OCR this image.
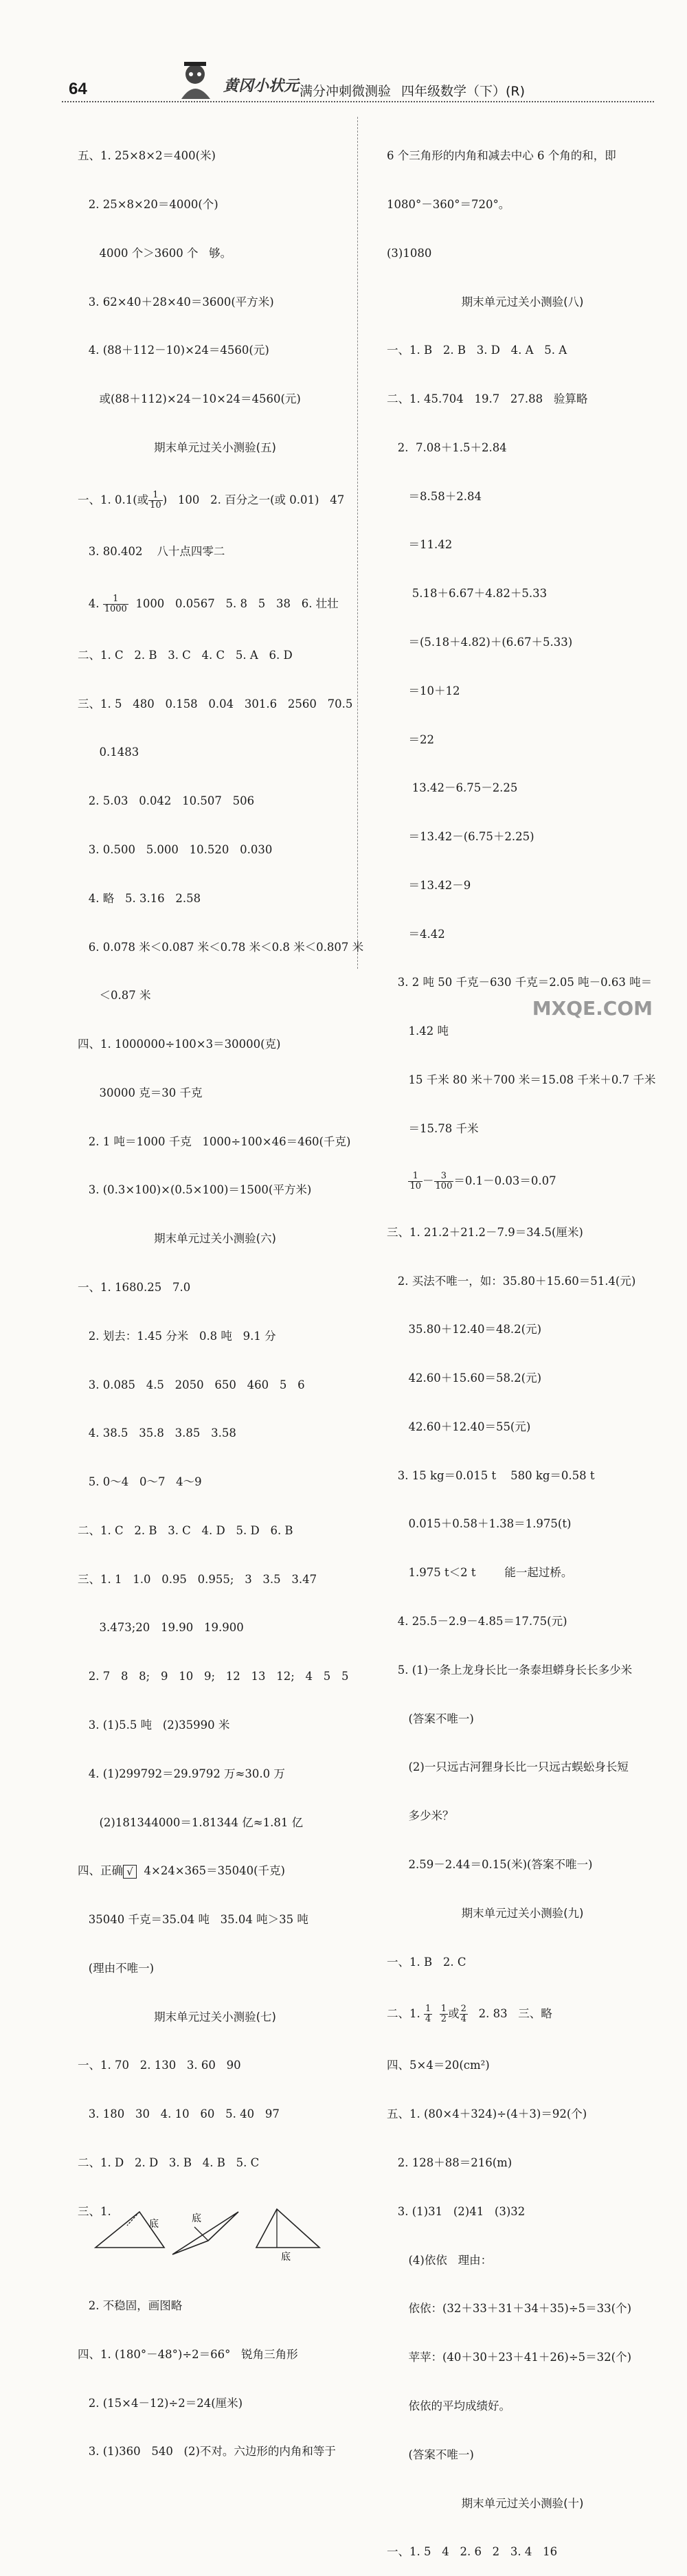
64	黄冈小状元 满分冲刺微测验 四年级数学（下）(R)

五、1. 25×8×2＝400(米)

2. 25×8×20＝4000(个)

4000 个＞3600 个   够。

3. 62×40＋28×40＝3600(平方米)

4. (88＋112－10)×24＝4560(元)

或(88＋112)×24－10×24＝4560(元)

期末单元过关小测验(五)

一、1. 0.1(或 $\frac{1}{10}$ )   100   2. 百分之一(或 0.01)   47

3. 80.402    八十点四零二

4. $\frac{1}{1000} 1000$   0.0567   5. 8   5   38   6. 壮壮

二、1. C   2. B   3. C   4. C   5. A   6. D

三、1. 5   480   0.158   0.04   301.6   2560   70.5

0.1483

2. 5.03   0.042   10.507   506

3. 0.500   5.000   10.520   0.030

4. 略   5. 3.16   2.58

6. 0.078 米＜0.087 米＜0.78 米＜0.8 米＜0.807 米

＜0.87 米

四、1. 1000000÷100×3＝30000(克)

30000 克＝30 千克

2. 1 吨＝1000 千克   1000÷100×46＝460(千克)

3. (0.3×100)×(0.5×100)＝1500(平方米)

期末单元过关小测验(六)

一、1. 1680.25   7.0

2. 划去：1.45 分米   0.8 吨   9.1 分

3. 0.085   4.5   2050   650   460   5   6

4. 38.5   35.8   3.85   3.58

5. 0～4   0～7   4～9

二、1. C   2. B   3. C   4. D   5. D   6. B

三、1. 1   1.0   0.95   0.955;   3   3.5   3.47

3.473;20   19.90   19.900

2. 7   8   8;   9   10   9;   12   13   12;   4   5   5

3. (1)5.5 吨   (2)35990 米

4. (1)299792＝29.9792 万≈30.0 万

(2)181344000＝1.81344 亿≈1.81 亿

四、正确 √  4×24×365＝35040(千克)

35040 千克＝35.04 吨   35.04 吨＞35 吨

(理由不唯一)

期末单元过关小测验(七)

一、1. 70   2. 130   3. 60   90

3. 180   30   4. 10   60   5. 40   97

二、1. D   2. D   3. B   4. B   5. C

三、1.

底	底
底

2. 不稳固，画图略

四、1. (180°－48°)÷2＝66°   锐角三角形

2. (15×4－12)÷2＝24(厘米)

3. (1)360   540   (2)不对。六边形的内角和等于

6 个三角形的内角和减去中心 6 个角的和，即

1080°－360°＝720°。

(3)1080

期末单元过关小测验(八)

一、1. B   2. B   3. D   4. A   5. A

二、1. 45.704   19.7   27.88   验算略

2.  7.08＋1.5＋2.84

＝8.58＋2.84

＝11.42

5.18＋6.67＋4.82＋5.33

＝(5.18＋4.82)＋(6.67＋5.33)

＝10＋12

＝22

13.42－6.75－2.25

＝13.42－(6.75＋2.25)

＝13.42－9

＝4.42

3. 2 吨 50 千克－630 千克＝2.05 吨－0.63 吨＝

1.42 吨

15 千米 80 米＋700 米＝15.08 千米＋0.7 千米

＝15.78 千米

$\frac{1}{10} - \frac{3}{100} =0.1-0.03=0.07$

三、1. 21.2＋21.2－7.9＝34.5(厘米)

2. 买法不唯一，如：35.80＋15.60＝51.4(元)

35.80＋12.40＝48.2(元)

42.60＋15.60＝58.2(元)

42.60＋12.40＝55(元)

3. 15 kg＝0.015 t    580 kg＝0.58 t

0.015＋0.58＋1.38＝1.975(t)

1.975 t＜2 t        能一起过桥。

4. 25.5－2.9－4.85＝17.75(元)

5. (1)一条上龙身长比一条泰坦蟒身长长多少米

(答案不唯一)

(2)一只远古河狸身长比一只远古蜈蚣身长短

多少米？

2.59－2.44＝0.15(米)(答案不唯一)

期末单元过关小测验(九)

一、1. B   2. C

二、1. $\frac{1}{4}$
$\frac{1}{2}$ 或 $\frac{2}{4} 2$. 83   三、略

四、5×4＝20(cm²)

五、1. (80×4＋324)÷(4＋3)＝92(个)

2. 128＋88＝216(m)

3. (1)31   (2)41   (3)32

(4)依依   理由：

依依：(32＋33＋31＋34＋35)÷5＝33(个)

苹苹：(40＋30＋23＋41＋26)÷5＝32(个)

依依的平均成绩好。

(答案不唯一)

期末单元过关小测验(十)

一、1. 5   4   2. 6   2   3. 4   16

MXQE.COM
